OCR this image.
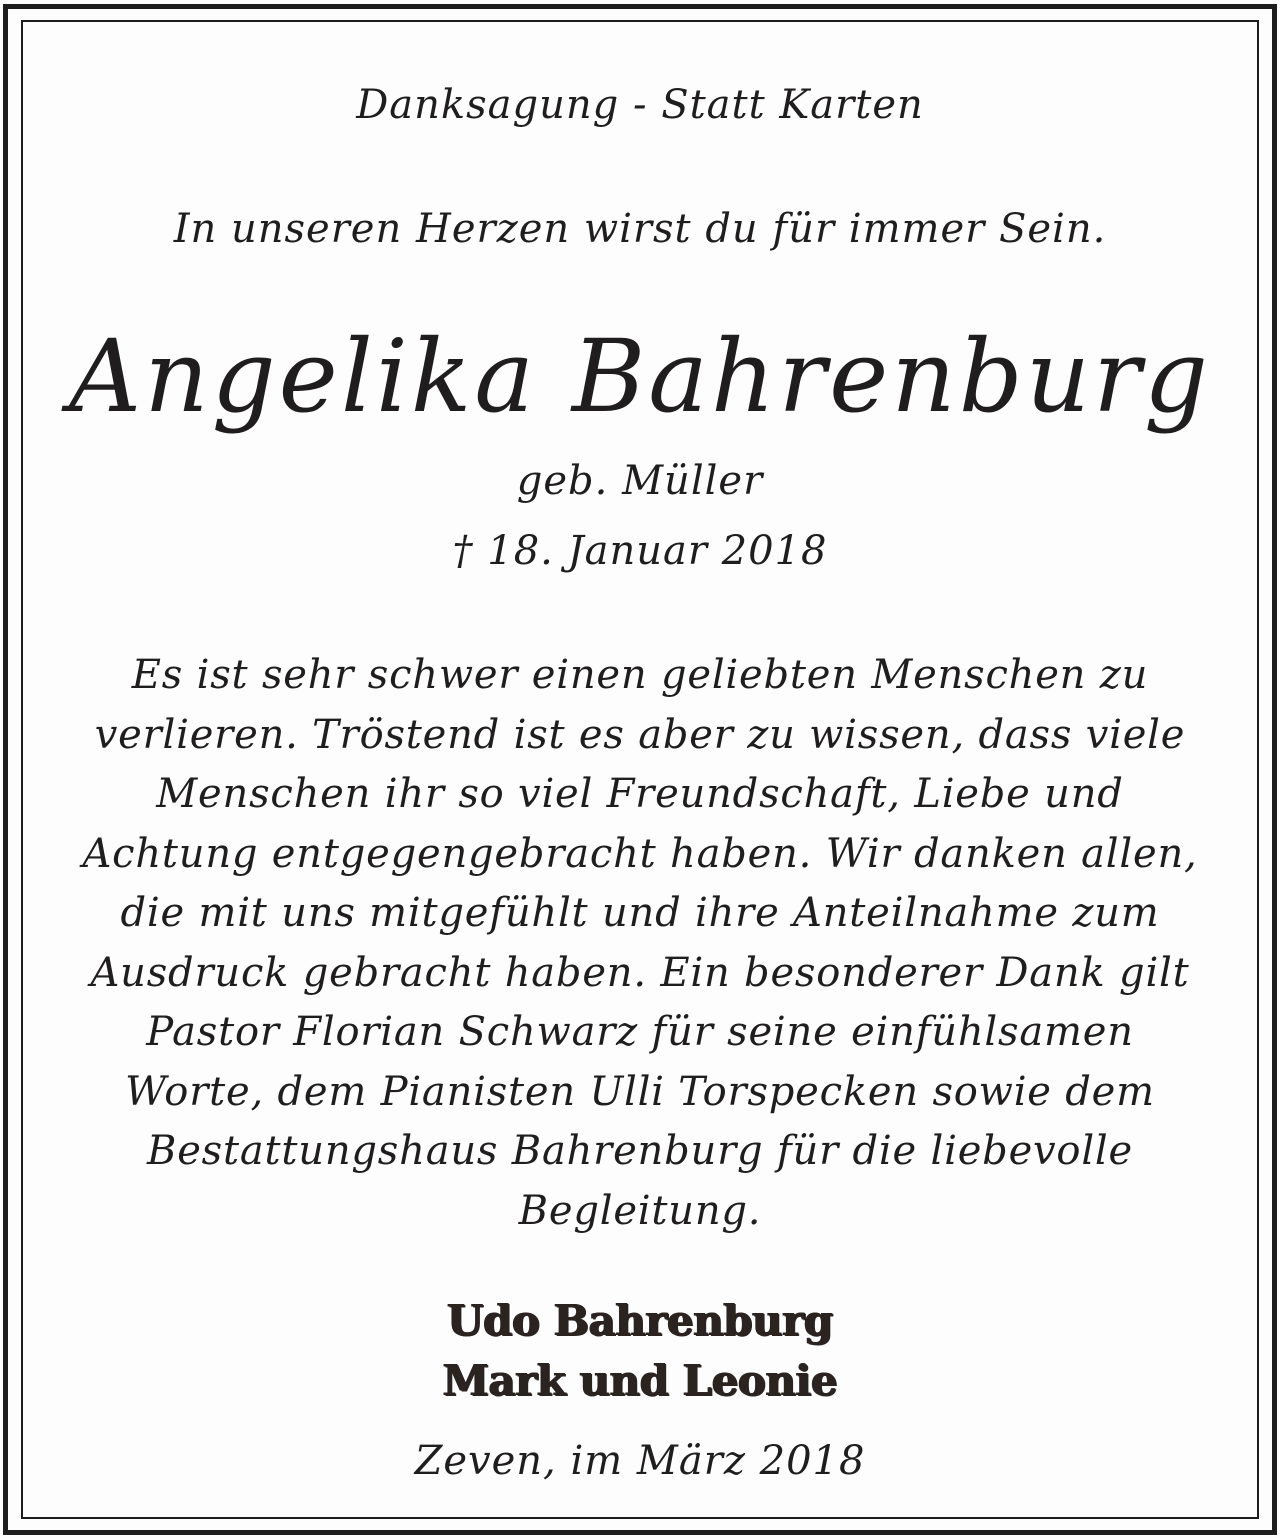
Danksagung - Statt Karten
In unseren Herzen wirst du für immer Sein.
Angelika Bahrenburg
geb. Müller
† 18. Januar 2018
Es ist sehr schwer einen geliebten Menschen zu
verlieren. Tröstend ist es aber zu wissen, dass viele
Menschen ihr so viel Freundschaft, Liebe und
Achtung entgegengebracht haben. Wir danken allen,
die mit uns mitgefühlt und ihre Anteilnahme zum
Ausdruck gebracht haben. Ein besonderer Dank gilt
Pastor Florian Schwarz für seine einfühlsamen
Worte, dem Pianisten Ulli Torspecken sowie dem
Bestattungshaus Bahrenburg für die liebevolle
Begleitung.
Udo Bahrenburg
Mark und Leonie
Zeven, im März 2018
